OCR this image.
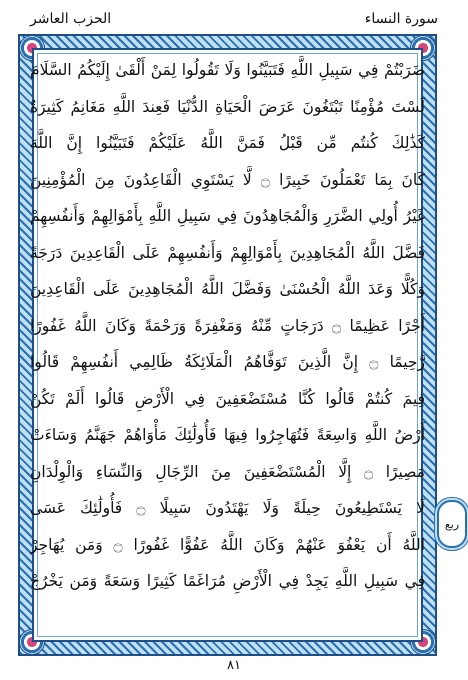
سورة النساء
الحزب العاشر
ضَرَبْتُمْ فِي سَبِيلِ اللَّهِ فَتَبَيَّنُوا وَلَا تَقُولُوا لِمَنْ أَلْقَىٰ إِلَيْكُمُ السَّلَامَ
لَسْتَ مُؤْمِنًا تَبْتَغُونَ عَرَضَ الْحَيَاةِ الدُّنْيَا فَعِندَ اللَّهِ مَغَانِمُ كَثِيرَةٌ
كَذَٰلِكَ كُنتُم مِّن قَبْلُ فَمَنَّ اللَّهُ عَلَيْكُمْ فَتَبَيَّنُوا إِنَّ اللَّهَ
كَانَ بِمَا تَعْمَلُونَ خَبِيرًا ۝ لَّا يَسْتَوِي الْقَاعِدُونَ مِنَ الْمُؤْمِنِينَ
غَيْرُ أُولِي الضَّرَرِ وَالْمُجَاهِدُونَ فِي سَبِيلِ اللَّهِ بِأَمْوَالِهِمْ وَأَنفُسِهِمْ
فَضَّلَ اللَّهُ الْمُجَاهِدِينَ بِأَمْوَالِهِمْ وَأَنفُسِهِمْ عَلَى الْقَاعِدِينَ دَرَجَةً
وَكُلًّا وَعَدَ اللَّهُ الْحُسْنَىٰ وَفَضَّلَ اللَّهُ الْمُجَاهِدِينَ عَلَى الْقَاعِدِينَ
أَجْرًا عَظِيمًا ۝ دَرَجَاتٍ مِّنْهُ وَمَغْفِرَةً وَرَحْمَةً وَكَانَ اللَّهُ غَفُورًا
رَّحِيمًا ۝ إِنَّ الَّذِينَ تَوَفَّاهُمُ الْمَلَائِكَةُ ظَالِمِي أَنفُسِهِمْ قَالُوا
فِيمَ كُنتُمْ قَالُوا كُنَّا مُسْتَضْعَفِينَ فِي الْأَرْضِ قَالُوا أَلَمْ تَكُنْ
أَرْضُ اللَّهِ وَاسِعَةً فَتُهَاجِرُوا فِيهَا فَأُولَٰئِكَ مَأْوَاهُمْ جَهَنَّمُ وَسَاءَتْ
مَصِيرًا ۝ إِلَّا الْمُسْتَضْعَفِينَ مِنَ الرِّجَالِ وَالنِّسَاءِ وَالْوِلْدَانِ
لَا يَسْتَطِيعُونَ حِيلَةً وَلَا يَهْتَدُونَ سَبِيلًا ۝ فَأُولَٰئِكَ عَسَى
اللَّهُ أَن يَعْفُوَ عَنْهُمْ وَكَانَ اللَّهُ عَفُوًّا غَفُورًا ۝ وَمَن يُهَاجِرْ
فِي سَبِيلِ اللَّهِ يَجِدْ فِي الْأَرْضِ مُرَاغَمًا كَثِيرًا وَسَعَةً وَمَن يَخْرُجْ
ربع
٨١
